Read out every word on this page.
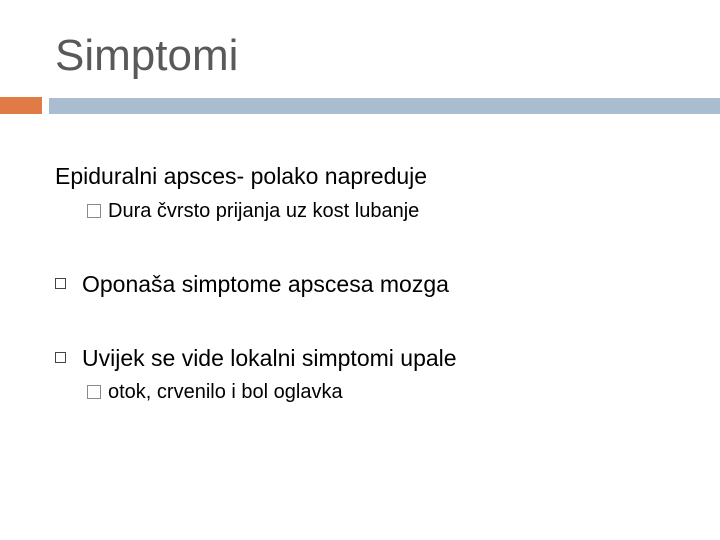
Simptomi
Epiduralni apsces- polako napreduje
Dura čvrsto prijanja uz kost lubanje
Oponaša simptome apscesa mozga
Uvijek se vide lokalni simptomi upale
otok, crvenilo i bol oglavka
